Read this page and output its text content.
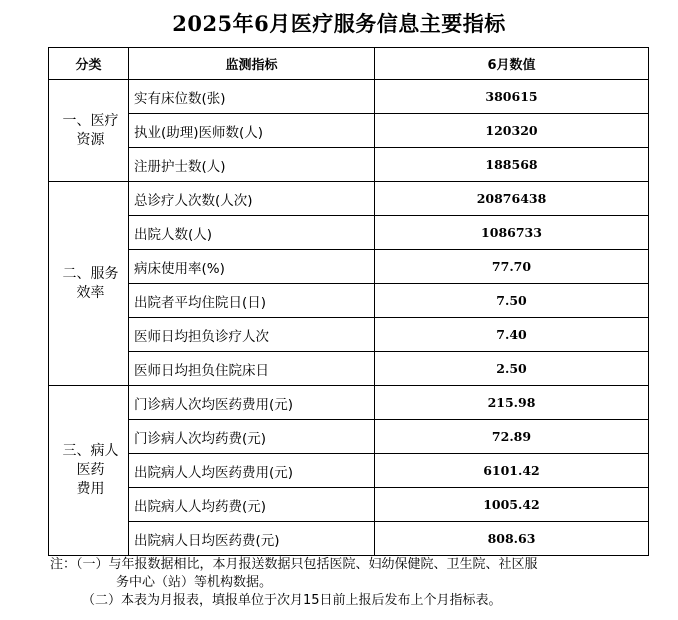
2025年6月医疗服务信息主要指标
分类	监测指标	6月数值

一、医疗
资源	实有床位数(张)	380615
	执业(助理)医师数(人)	120320
	注册护士数(人)	188568

二、服务
效率	总诊疗人次数(人次)	20876438
	出院人数(人)	1086733
	病床使用率(%)	77.70
	出院者平均住院日(日)	7.50
	医师日均担负诊疗人次	7.40
	医师日均担负住院床日	2.50

三、病人
医药
费用	门诊病人次均医药费用(元)	215.98
	门诊病人次均药费(元)	72.89
	出院病人人均医药费用(元)	6101.42
	出院病人人均药费(元)	1005.42
	出院病人日均医药费(元)	808.63
注：（一）与年报数据相比，本月报送数据只包括医院、妇幼保健院、卫生院、社区服
务中心（站）等机构数据。
（二）本表为月报表，填报单位于次月15日前上报后发布上个月指标表。
